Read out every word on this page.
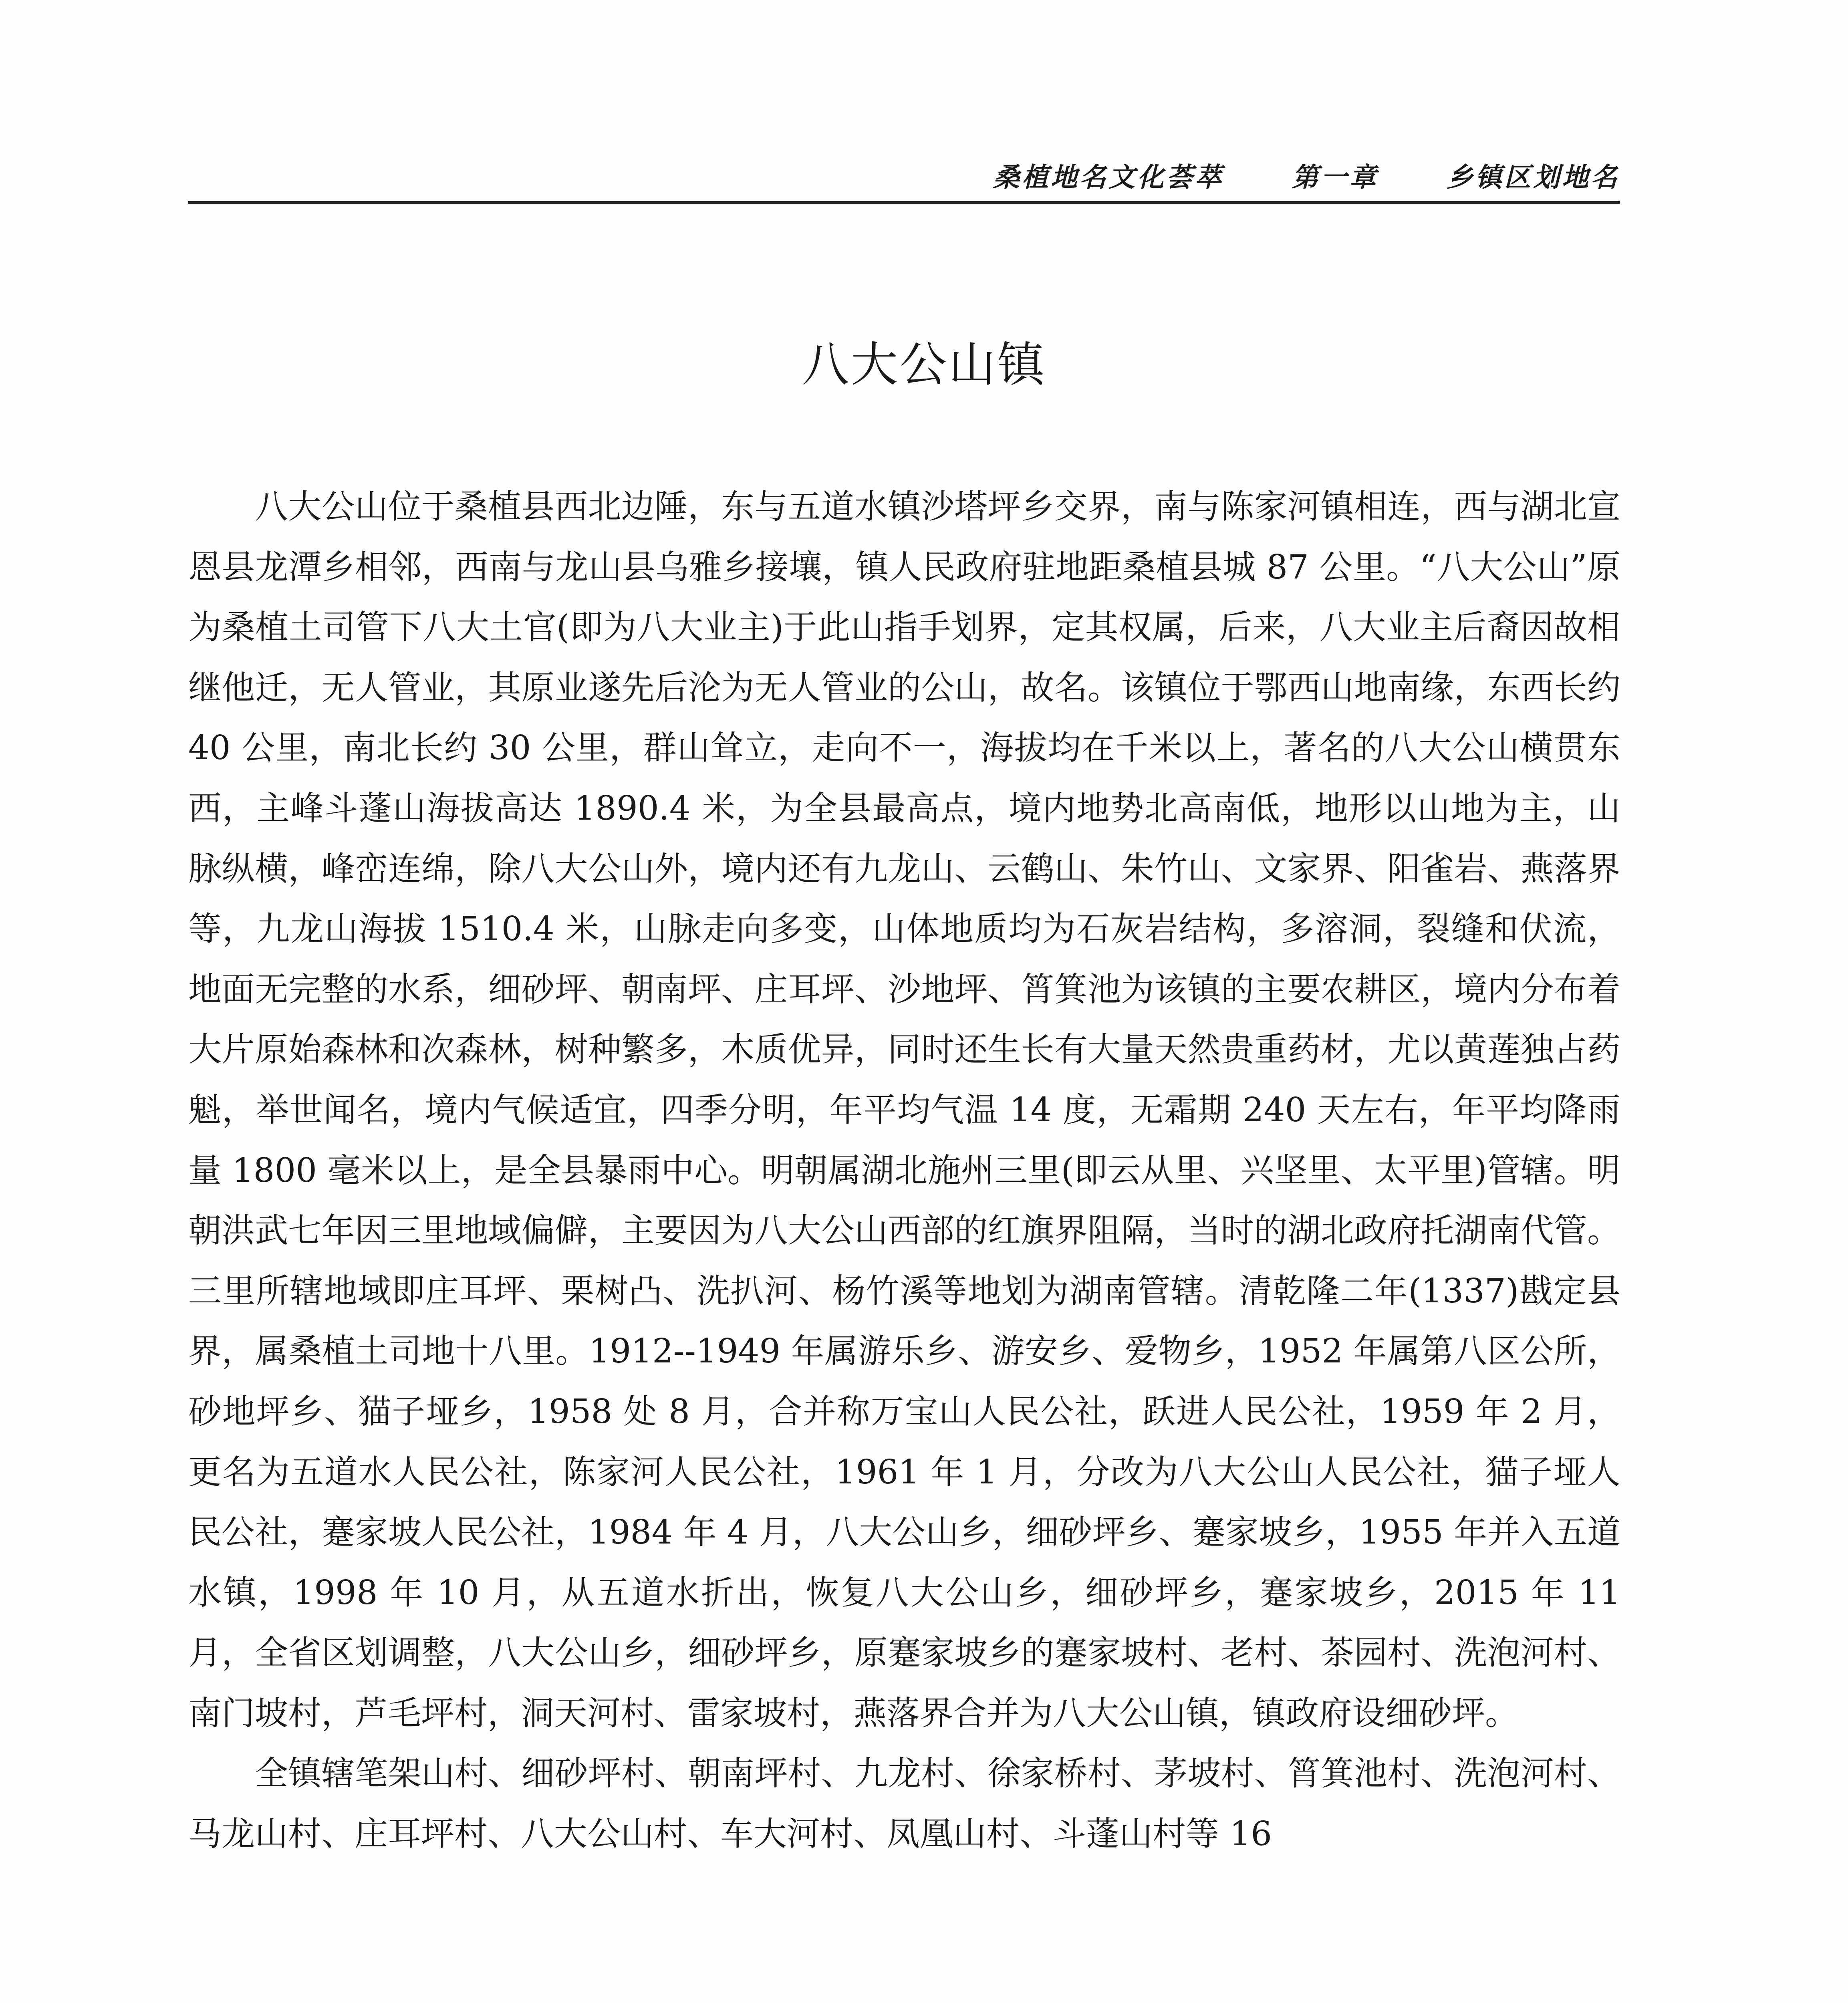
桑植地名文化荟萃	第一章	乡镇区划地名
八大公山镇

八大公山位于桑植县西北边陲，东与五道水镇沙塔坪乡交界，南与陈家河镇相连，西与湖北宣恩县龙潭乡相邻，西南与龙山县乌雅乡接壤，镇人民政府驻地距桑植县城 87 公里。“八大公山”原为桑植土司管下八大土官(即为八大业主)于此山指手划界，定其权属，后来，八大业主后裔因故相继他迁，无人管业，其原业遂先后沦为无人管业的公山，故名。该镇位于鄂西山地南缘，东西长约 40 公里，南北长约 30 公里，群山耸立，走向不一，海拔均在千米以上，著名的八大公山横贯东西，主峰斗蓬山海拔高达 1890.4 米，为全县最高点，境内地势北高南低，地形以山地为主，山脉纵横，峰峦连绵，除八大公山外，境内还有九龙山、云鹤山、朱竹山、文家界、阳雀岩、燕落界等，九龙山海拔 1510.4 米，山脉走向多变，山体地质均为石灰岩结构，多溶洞，裂缝和伏流，地面无完整的水系，细砂坪、朝南坪、庄耳坪、沙地坪、筲箕池为该镇的主要农耕区，境内分布着大片原始森林和次森林，树种繁多，木质优异，同时还生长有大量天然贵重药材，尤以黄莲独占药魁，举世闻名，境内气候适宜，四季分明，年平均气温 14 度，无霜期 240 天左右，年平均降雨量 1800 毫米以上，是全县暴雨中心。明朝属湖北施州三里(即云从里、兴坚里、太平里)管辖。明朝洪武七年因三里地域偏僻，主要因为八大公山西部的红旗界阻隔，当时的湖北政府托湖南代管。三里所辖地域即庄耳坪、栗树凸、洗扒河、杨竹溪等地划为湖南管辖。清乾隆二年(1337)戡定县界，属桑植土司地十八里。1912--1949 年属游乐乡、游安乡、爱物乡，1952 年属第八区公所，砂地坪乡、猫子垭乡，1958 处 8 月，合并称万宝山人民公社，跃进人民公社，1959 年 2 月，更名为五道水人民公社，陈家河人民公社，1961 年 1 月，分改为八大公山人民公社，猫子垭人民公社，蹇家坡人民公社，1984 年 4 月，八大公山乡，细砂坪乡、蹇家坡乡，1955 年并入五道水镇，1998 年 10 月，从五道水折出，恢复八大公山乡，细砂坪乡，蹇家坡乡，2015 年 11 月，全省区划调整，八大公山乡，细砂坪乡，原蹇家坡乡的蹇家坡村、老村、茶园村、洗泡河村、南门坡村，芦毛坪村，洞天河村、雷家坡村，燕落界合并为八大公山镇，镇政府设细砂坪。

全镇辖笔架山村、细砂坪村、朝南坪村、九龙村、徐家桥村、茅坡村、筲箕池村、洗泡河村、马龙山村、庄耳坪村、八大公山村、车大河村、凤凰山村、斗蓬山村等 16
